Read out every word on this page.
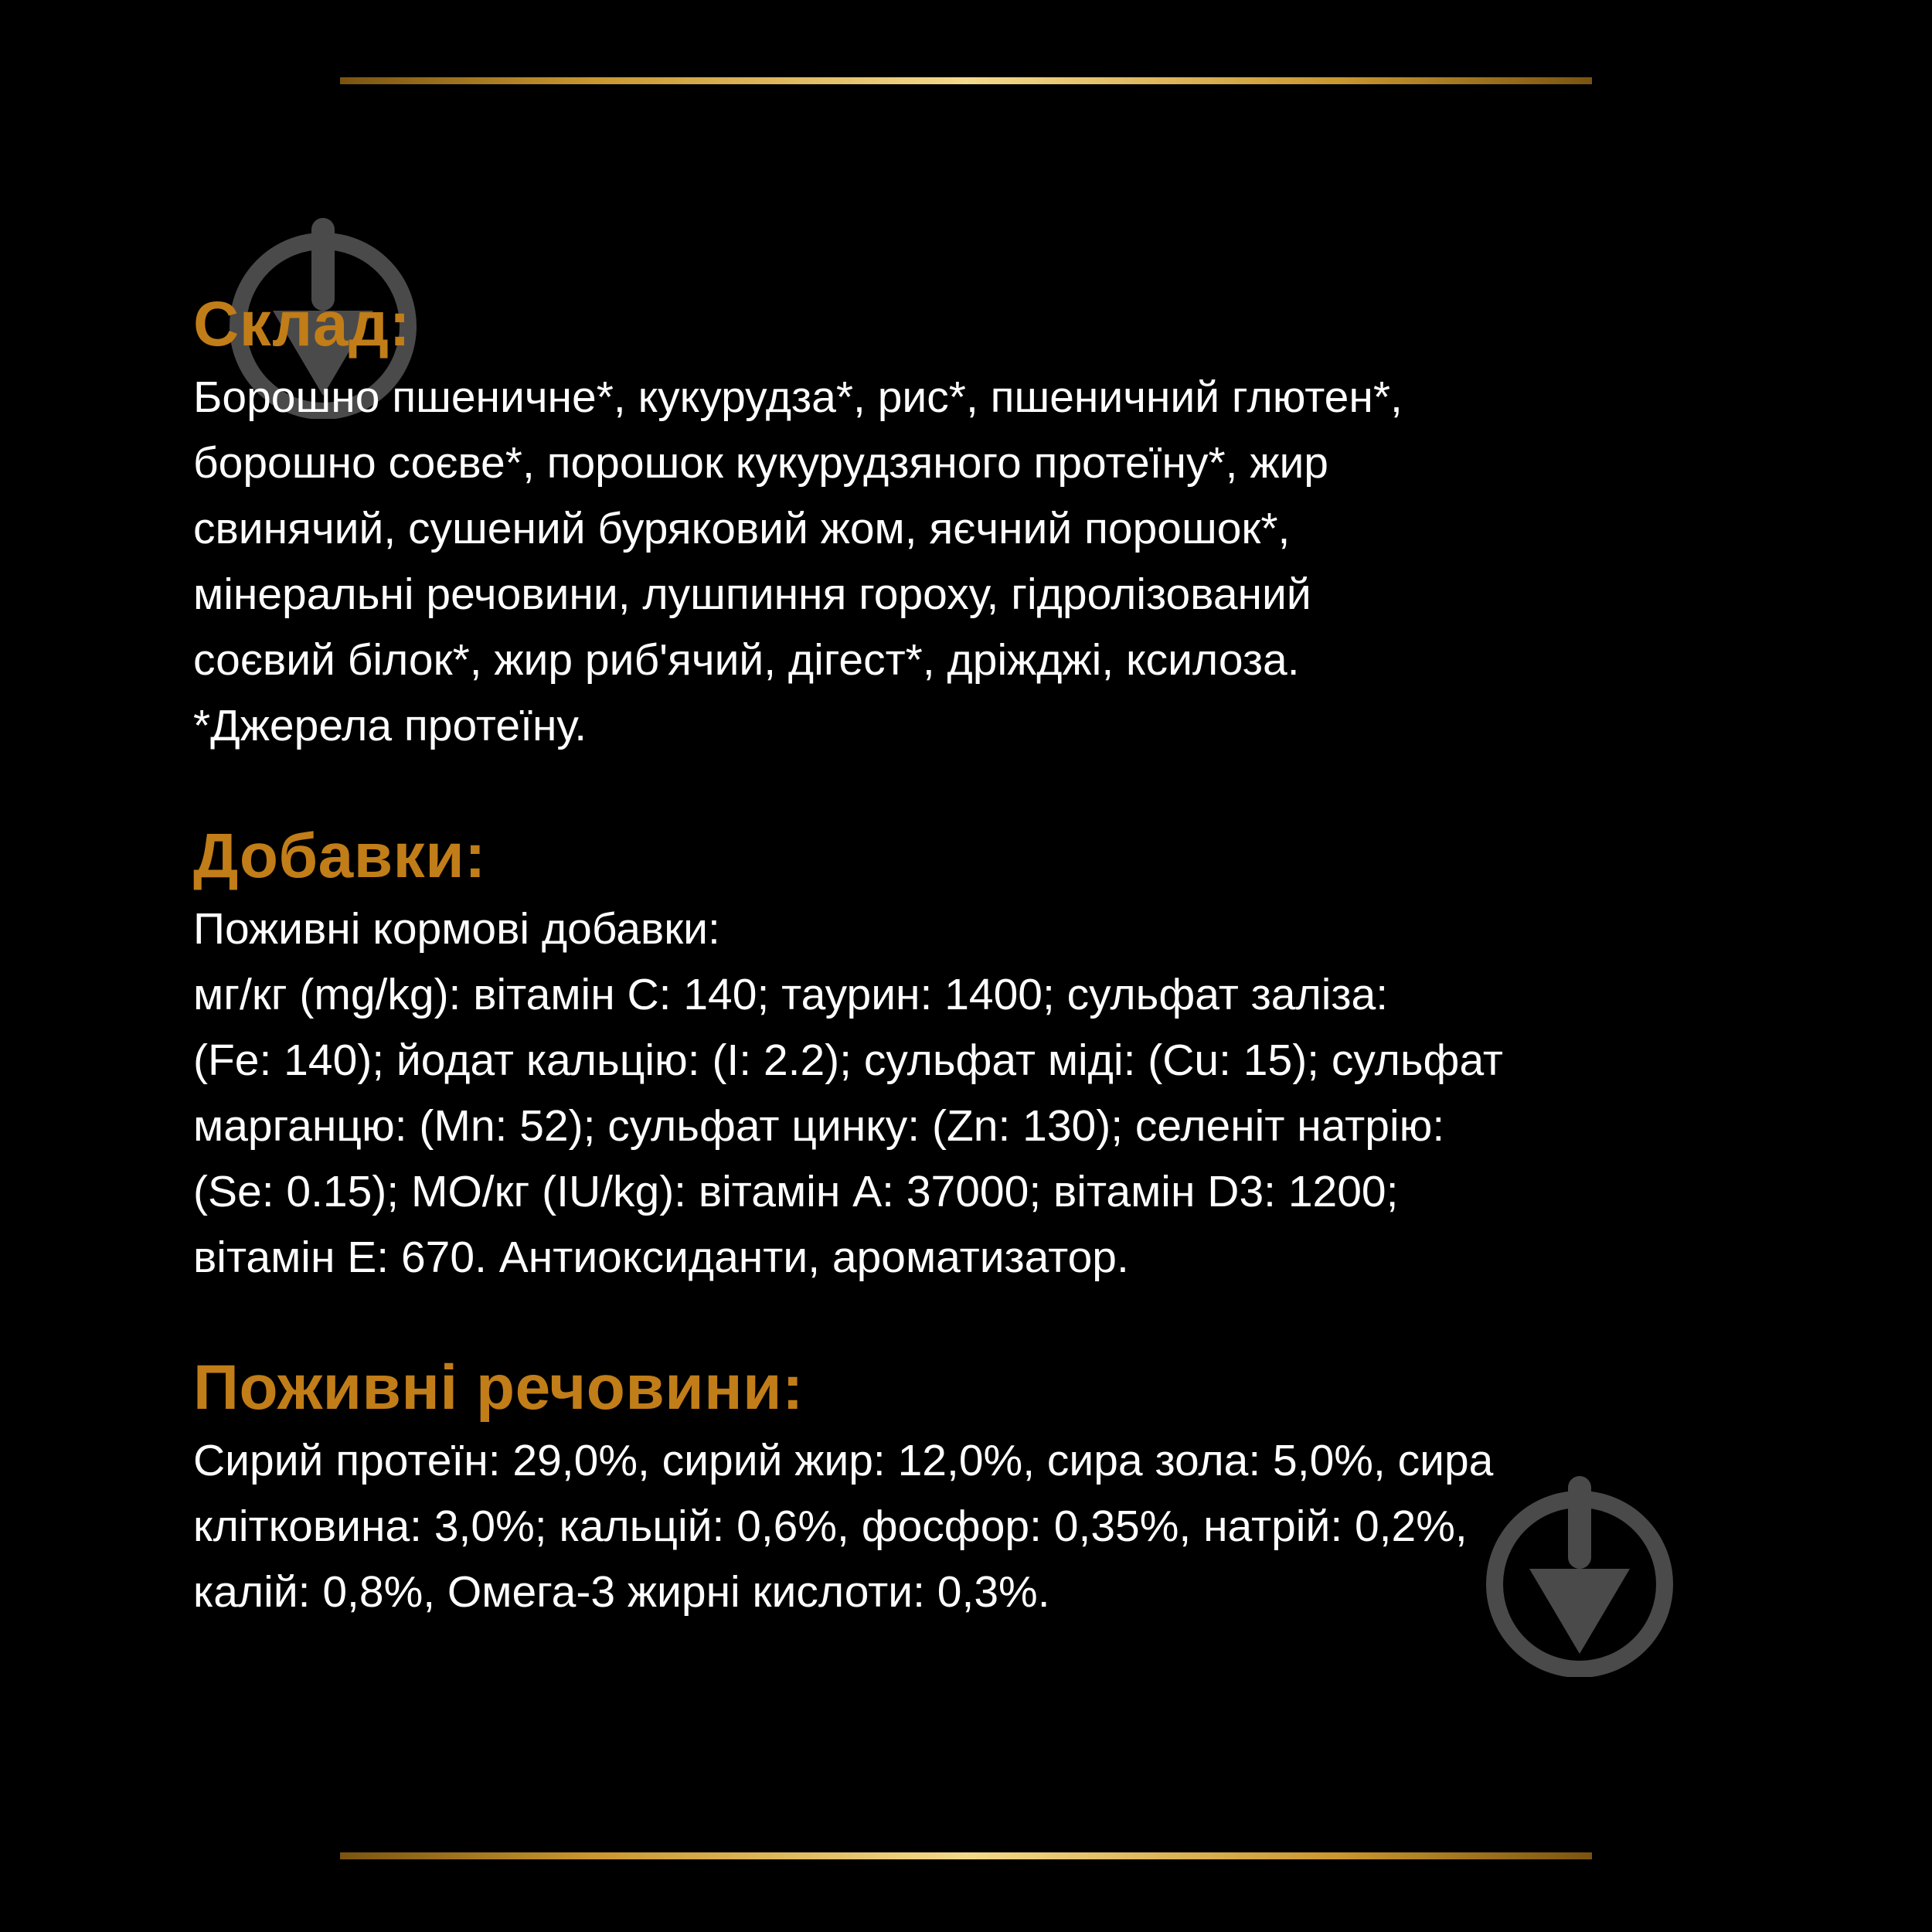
Склад:

Борошно пшеничне*, кукурудза*, рис*, пшеничний глютен*,
борошно соєве*, порошок кукурудзяного протеїну*, жир
свинячий, сушений буряковий жом, яєчний порошок*,
мінеральні речовини, лушпиння гороху, гідролізований
соєвий білок*, жир риб'ячий, дігест*, дріжджі, ксилоза.
*Джерела протеїну.

Добавки:

Поживні кормові добавки:
мг/кг (mg/kg): вітамін С: 140; таурин: 1400; сульфат заліза:
(Fe: 140); йодат кальцію: (I: 2.2); сульфат міді: (Cu: 15); сульфат
марганцю: (Mn: 52); сульфат цинку: (Zn: 130); селеніт натрію:
(Se: 0.15); МО/кг (IU/kg): вітамін A: 37000; вітамін D3: 1200;
вітамін E: 670. Антиоксиданти, ароматизатор.

Поживні речовини:

Сирий протеїн: 29,0%, сирий жир: 12,0%, сира зола: 5,0%, сира
клітковина: 3,0%; кальцій: 0,6%, фосфор: 0,35%, натрій: 0,2%,
калій: 0,8%, Омега-3 жирні кислоти: 0,3%.
